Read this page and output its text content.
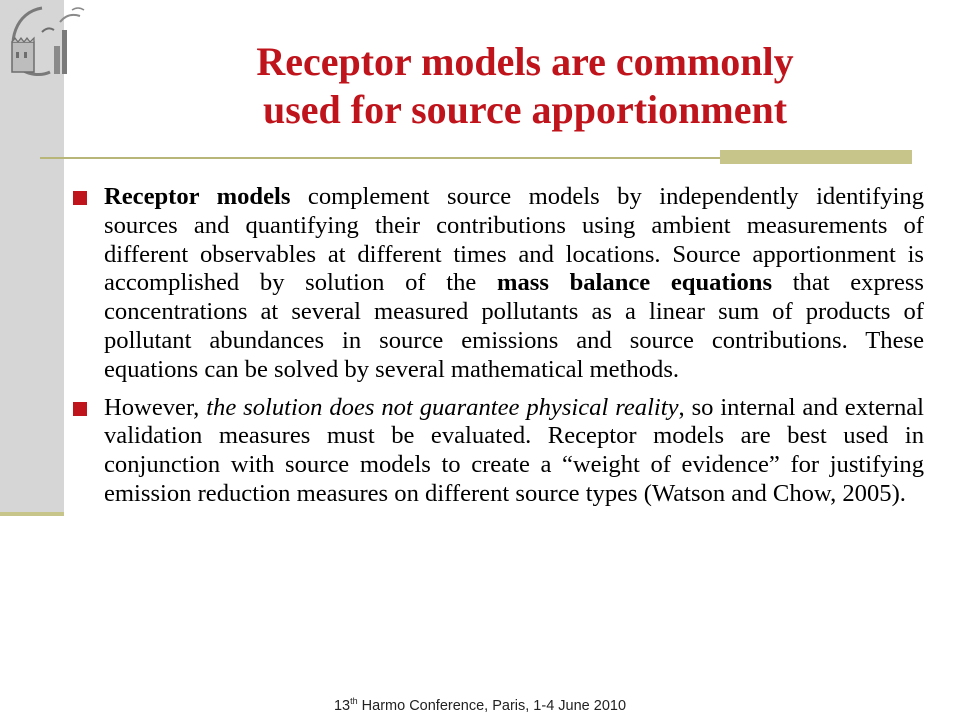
Receptor models are commonly
used for source apportionment
Receptor models complement source models by independently identifying sources and quantifying their contributions using ambient measurements of different observables at different times and locations. Source apportionment is accomplished by solution of the mass balance equations that express concentrations at several measured pollutants as a linear sum of products of pollutant abundances in source emissions and source contributions. These equations can be solved by several mathematical methods.
However, the solution does not guarantee physical reality, so internal and external validation measures must be evaluated. Receptor models are best used in conjunction with source models to create a “weight of evidence” for justifying emission reduction measures on different source types (Watson and Chow, 2005).
13th Harmo Conference, Paris, 1-4 June 2010
